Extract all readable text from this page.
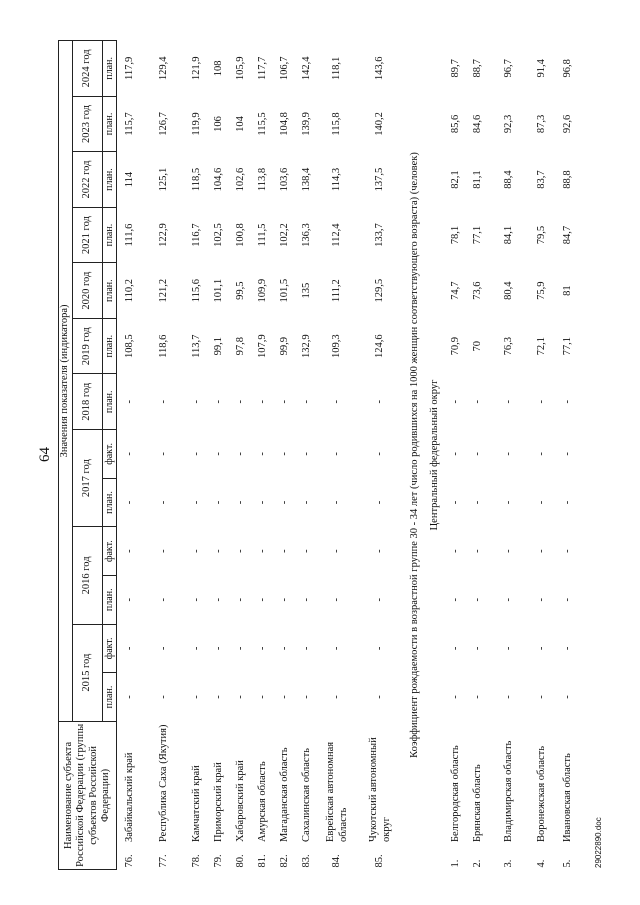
64
29022890.doc
Наименование субъекта Российской Федерации (группы субъектов Российской Федерации)		Значения показателя (индикатора)												
		2015 год		2016 год		2017 год		2018 год	2019 год	2020 год	2021 год	2022 год	2023 год	2024 год
		план.	факт.	план.	факт.	план.	факт.	план.	план.	план.	план.	план.	план.	план.
76.	Забайкальский край	-	-	-	-	-	-	-	108,5	110,2	111,6	114	115,7	117,9
77.	Республика Саха (Якутия)	-	-	-	-	-	-	-	118,6	121,2	122,9	125,1	126,7	129,4
78.	Камчатский край	-	-	-	-	-	-	-	113,7	115,6	116,7	118,5	119,9	121,9
79.	Приморский край	-	-	-	-	-	-	-	99,1	101,1	102,5	104,6	106	108
80.	Хабаровский край	-	-	-	-	-	-	-	97,8	99,5	100,8	102,6	104	105,9
81.	Амурская область	-	-	-	-	-	-	-	107,9	109,9	111,5	113,8	115,5	117,7
82.	Магаданская область	-	-	-	-	-	-	-	99,9	101,5	102,2	103,6	104,8	106,7
83.	Сахалинская область	-	-	-	-	-	-	-	132,9	135	136,3	138,4	139,9	142,4
84.	Еврейская автономная область	-	-	-	-	-	-	-	109,3	111,2	112,4	114,3	115,8	118,1
85.	Чукотский автономный округ	-	-	-	-	-	-	-	124,6	129,5	133,7	137,5	140,2	143,6
Коэффициент рождаемости в возрастной группе 30 - 34 лет (число родившихся на 1000 женщин соответствующего возраста) (человек)														
Центральный федеральный округ														
1.	Белгородская область	-	-	-	-	-	-	-	70,9	74,7	78,1	82,1	85,6	89,7
2.	Брянская область	-	-	-	-	-	-	-	70	73,6	77,1	81,1	84,6	88,7
3.	Владимирская область	-	-	-	-	-	-	-	76,3	80,4	84,1	88,4	92,3	96,7
4.	Воронежская область	-	-	-	-	-	-	-	72,1	75,9	79,5	83,7	87,3	91,4
5.	Ивановская область	-	-	-	-	-	-	-	77,1	81	84,7	88,8	92,6	96,8
